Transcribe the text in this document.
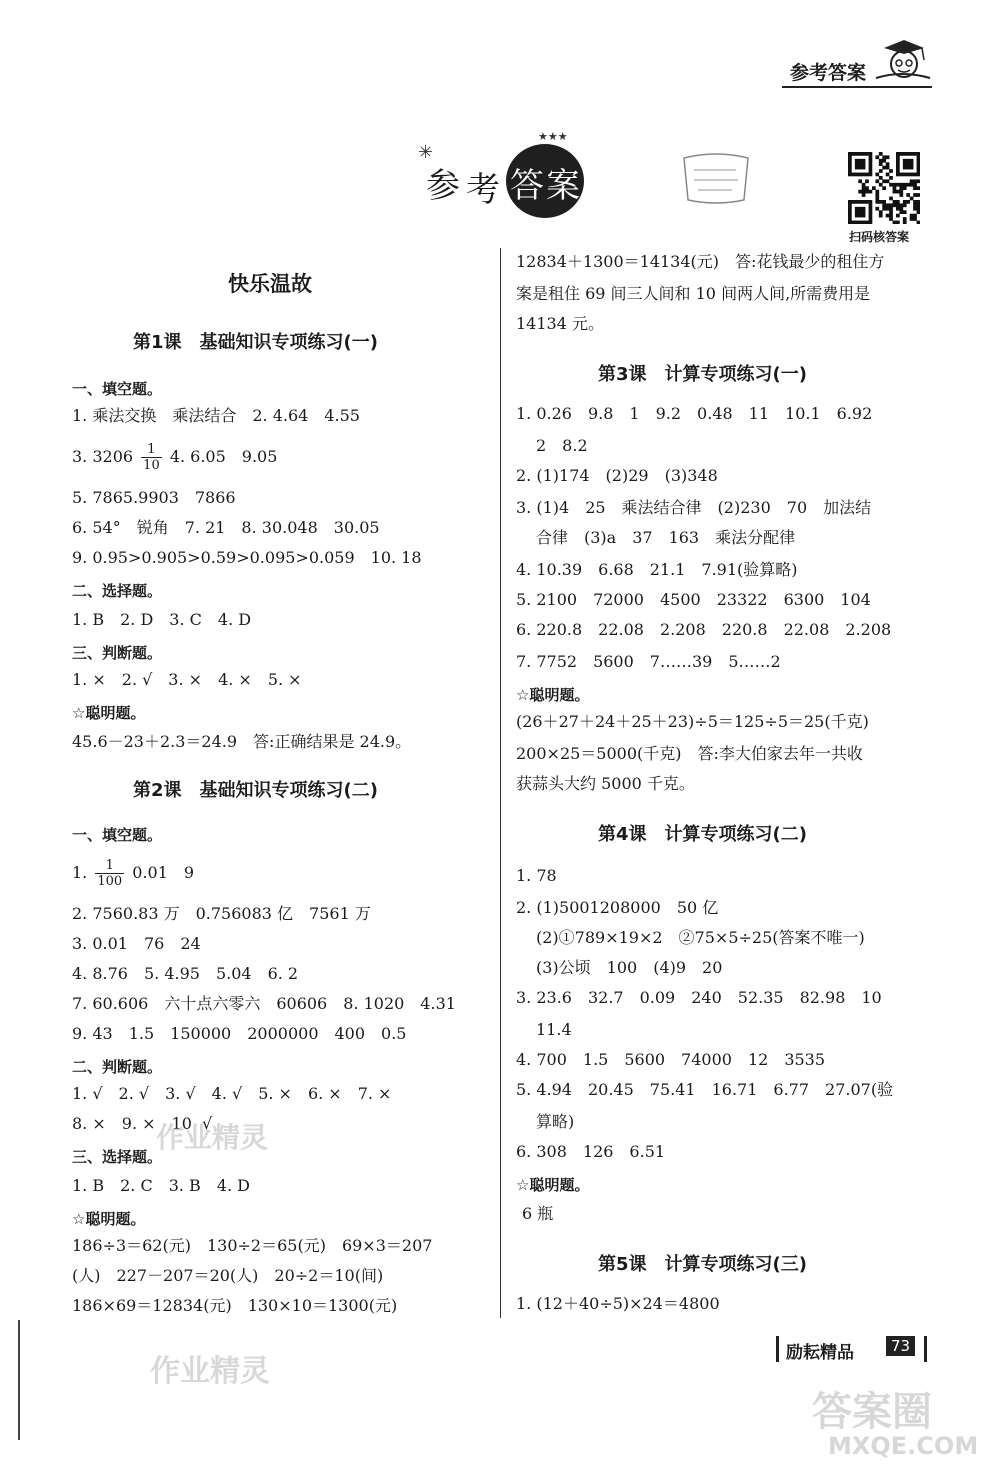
参考答案
✳
参 考 答 案
★★★
扫码核答案
快乐温故
第1课　基础知识专项练习(一)
一、填空题。
1. 乘法交换　乘法结合　2. 4.64　4.55
3. $3206 \frac{1}{10} 4$. 6.05　9.05
5. 7865.9903　7866
6. 54°　锐角　7. 21　8. 30.048　30.05
9. 0.95>0.905>0.59>0.095>0.059　10. 18
二、选择题。
1. B　2. D　3. C　4. D
三、判断题。
1. ×　2. √　3. ×　4. ×　5. ×
☆聪明题。
45.6－23＋2.3＝24.9　答:正确结果是 24.9。
第2课　基础知识专项练习(二)
一、填空题。
1. $\frac{1}{100} 0.01$　9
2. 7560.83 万　0.756083 亿　7561 万
3. 0.01　76　24
4. 8.76　5. 4.95　5.04　6. 2
7. 60.606　六十点六零六　60606　8. 1020　4.31
9. 43　1.5　150000　2000000　400　0.5
二、判断题。
1. √　2. √　3. √　4. √　5. ×　6. ×　7. ×
8. ×　9. ×　10. √
三、选择题。
1. B　2. C　3. B　4. D
☆聪明题。
186÷3＝62(元)　130÷2＝65(元)　69×3＝207
(人)　227－207＝20(人)　20÷2＝10(间)
186×69＝12834(元)　130×10＝1300(元)
12834＋1300＝14134(元)　答:花钱最少的租住方
案是租住 69 间三人间和 10 间两人间,所需费用是
14134 元。
第3课　计算专项练习(一)
1. 0.26　9.8　1　9.2　0.48　11　10.1　6.92
2　8.2
2. (1)174　(2)29　(3)348
3. (1)4　25　乘法结合律　(2)230　70　加法结
合律　(3)a　37　163　乘法分配律
4. 10.39　6.68　21.1　7.91(验算略)
5. 2100　72000　4500　23322　6300　104
6. 220.8　22.08　2.208　220.8　22.08　2.208
7. 7752　5600　7……39　5……2
☆聪明题。
(26＋27＋24＋25＋23)÷5＝125÷5＝25(千克)
200×25＝5000(千克)　答:李大伯家去年一共收
获蒜头大约 5000 千克。
第4课　计算专项练习(二)
1. 78
2. (1)5001208000　50 亿
(2)①789×19×2　②75×5÷25(答案不唯一)
(3)公顷　100　(4)9　20
3. 23.6　32.7　0.09　240　52.35　82.98　10
11.4
4. 700　1.5　5600　74000　12　3535
5. 4.94　20.45　75.41　16.71　6.77　27.07(验
算略)
6. 308　126　6.51
☆聪明题。
6 瓶
第5课　计算专项练习(三)
1. (12＋40÷5)×24＝4800
励耘精品	73
作业精灵
作业精灵
答案圈
MXQE.COM
